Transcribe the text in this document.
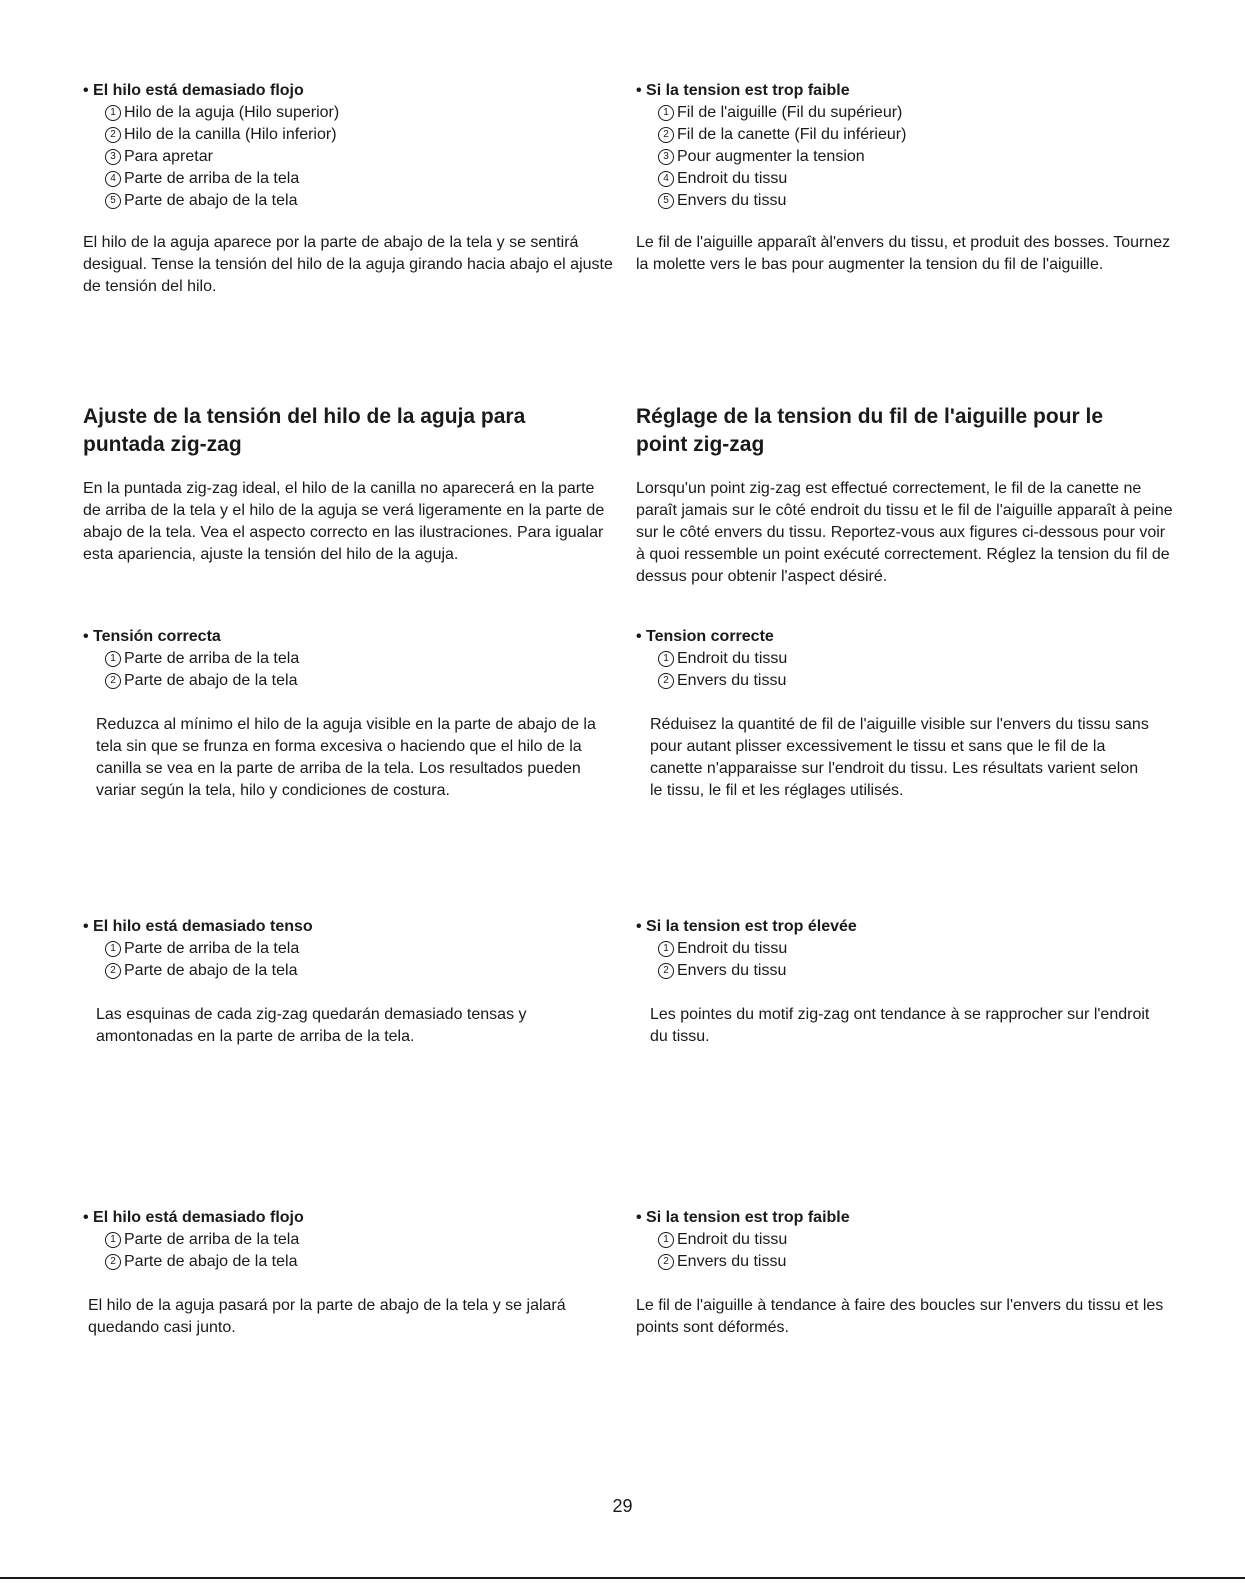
• El hilo está demasiado flojo
1 Hilo de la aguja (Hilo superior)
2 Hilo de la canilla (Hilo inferior)
3 Para apretar
4 Parte de arriba de la tela
5 Parte de abajo de la tela

El hilo de la aguja aparece por la parte de abajo de la tela y se sentirá desigual. Tense la tensión del hilo de la aguja girando hacia abajo el ajuste de tensión del hilo.

• Si la tension est trop faible
1 Fil de l'aiguille (Fil du supérieur)
2 Fil de la canette (Fil du inférieur)
3 Pour augmenter la tension
4 Endroit du tissu
5 Envers du tissu

Le fil de l'aiguille apparaît àl'envers du tissu, et produit des bosses. Tournez la molette vers le bas pour augmenter la tension du fil de l'aiguille.

Ajuste de la tensión del hilo de la aguja para puntada zig-zag

En la puntada zig-zag ideal, el hilo de la canilla no aparecerá en la parte de arriba de la tela y el hilo de la aguja se verá ligeramente en la parte de abajo de la tela. Vea el aspecto correcto en las ilustraciones. Para igualar esta apariencia, ajuste la tensión del hilo de la aguja.

Réglage de la tension du fil de l'aiguille pour le point zig-zag

Lorsqu'un point zig-zag est effectué correctement, le fil de la canette ne paraît jamais sur le côté endroit du tissu et le fil de l'aiguille apparaît à peine sur le côté envers du tissu. Reportez-vous aux figures ci-dessous pour voir à quoi ressemble un point exécuté correctement. Réglez la tension du fil de dessus pour obtenir l'aspect désiré.

• Tensión correcta
1 Parte de arriba de la tela
2 Parte de abajo de la tela

Reduzca al mínimo el hilo de la aguja visible en la parte de abajo de la tela sin que se frunza en forma excesiva o haciendo que el hilo de la canilla se vea en la parte de arriba de la tela. Los resultados pueden variar según la tela, hilo y condiciones de costura.

• Tension correcte
1 Endroit du tissu
2 Envers du tissu

Réduisez la quantité de fil de l'aiguille visible sur l'envers du tissu sans pour autant plisser excessivement le tissu et sans que le fil de la canette n'apparaisse sur l'endroit du tissu. Les résultats varient selon le tissu, le fil et les réglages utilisés.

• El hilo está demasiado tenso
1 Parte de arriba de la tela
2 Parte de abajo de la tela

Las esquinas de cada zig-zag quedarán demasiado tensas y amontonadas en la parte de arriba de la tela.

• Si la tension est trop élevée
1 Endroit du tissu
2 Envers du tissu

Les pointes du motif zig-zag ont tendance à se rapprocher sur l'endroit du tissu.

• El hilo está demasiado flojo
1 Parte de arriba de la tela
2 Parte de abajo de la tela

El hilo de la aguja pasará por la parte de abajo de la tela y se jalará quedando casi junto.

• Si la tension est trop faible
1 Endroit du tissu
2 Envers du tissu

Le fil de l'aiguille à tendance à faire des boucles sur l'envers du tissu et les points sont déformés.

29
